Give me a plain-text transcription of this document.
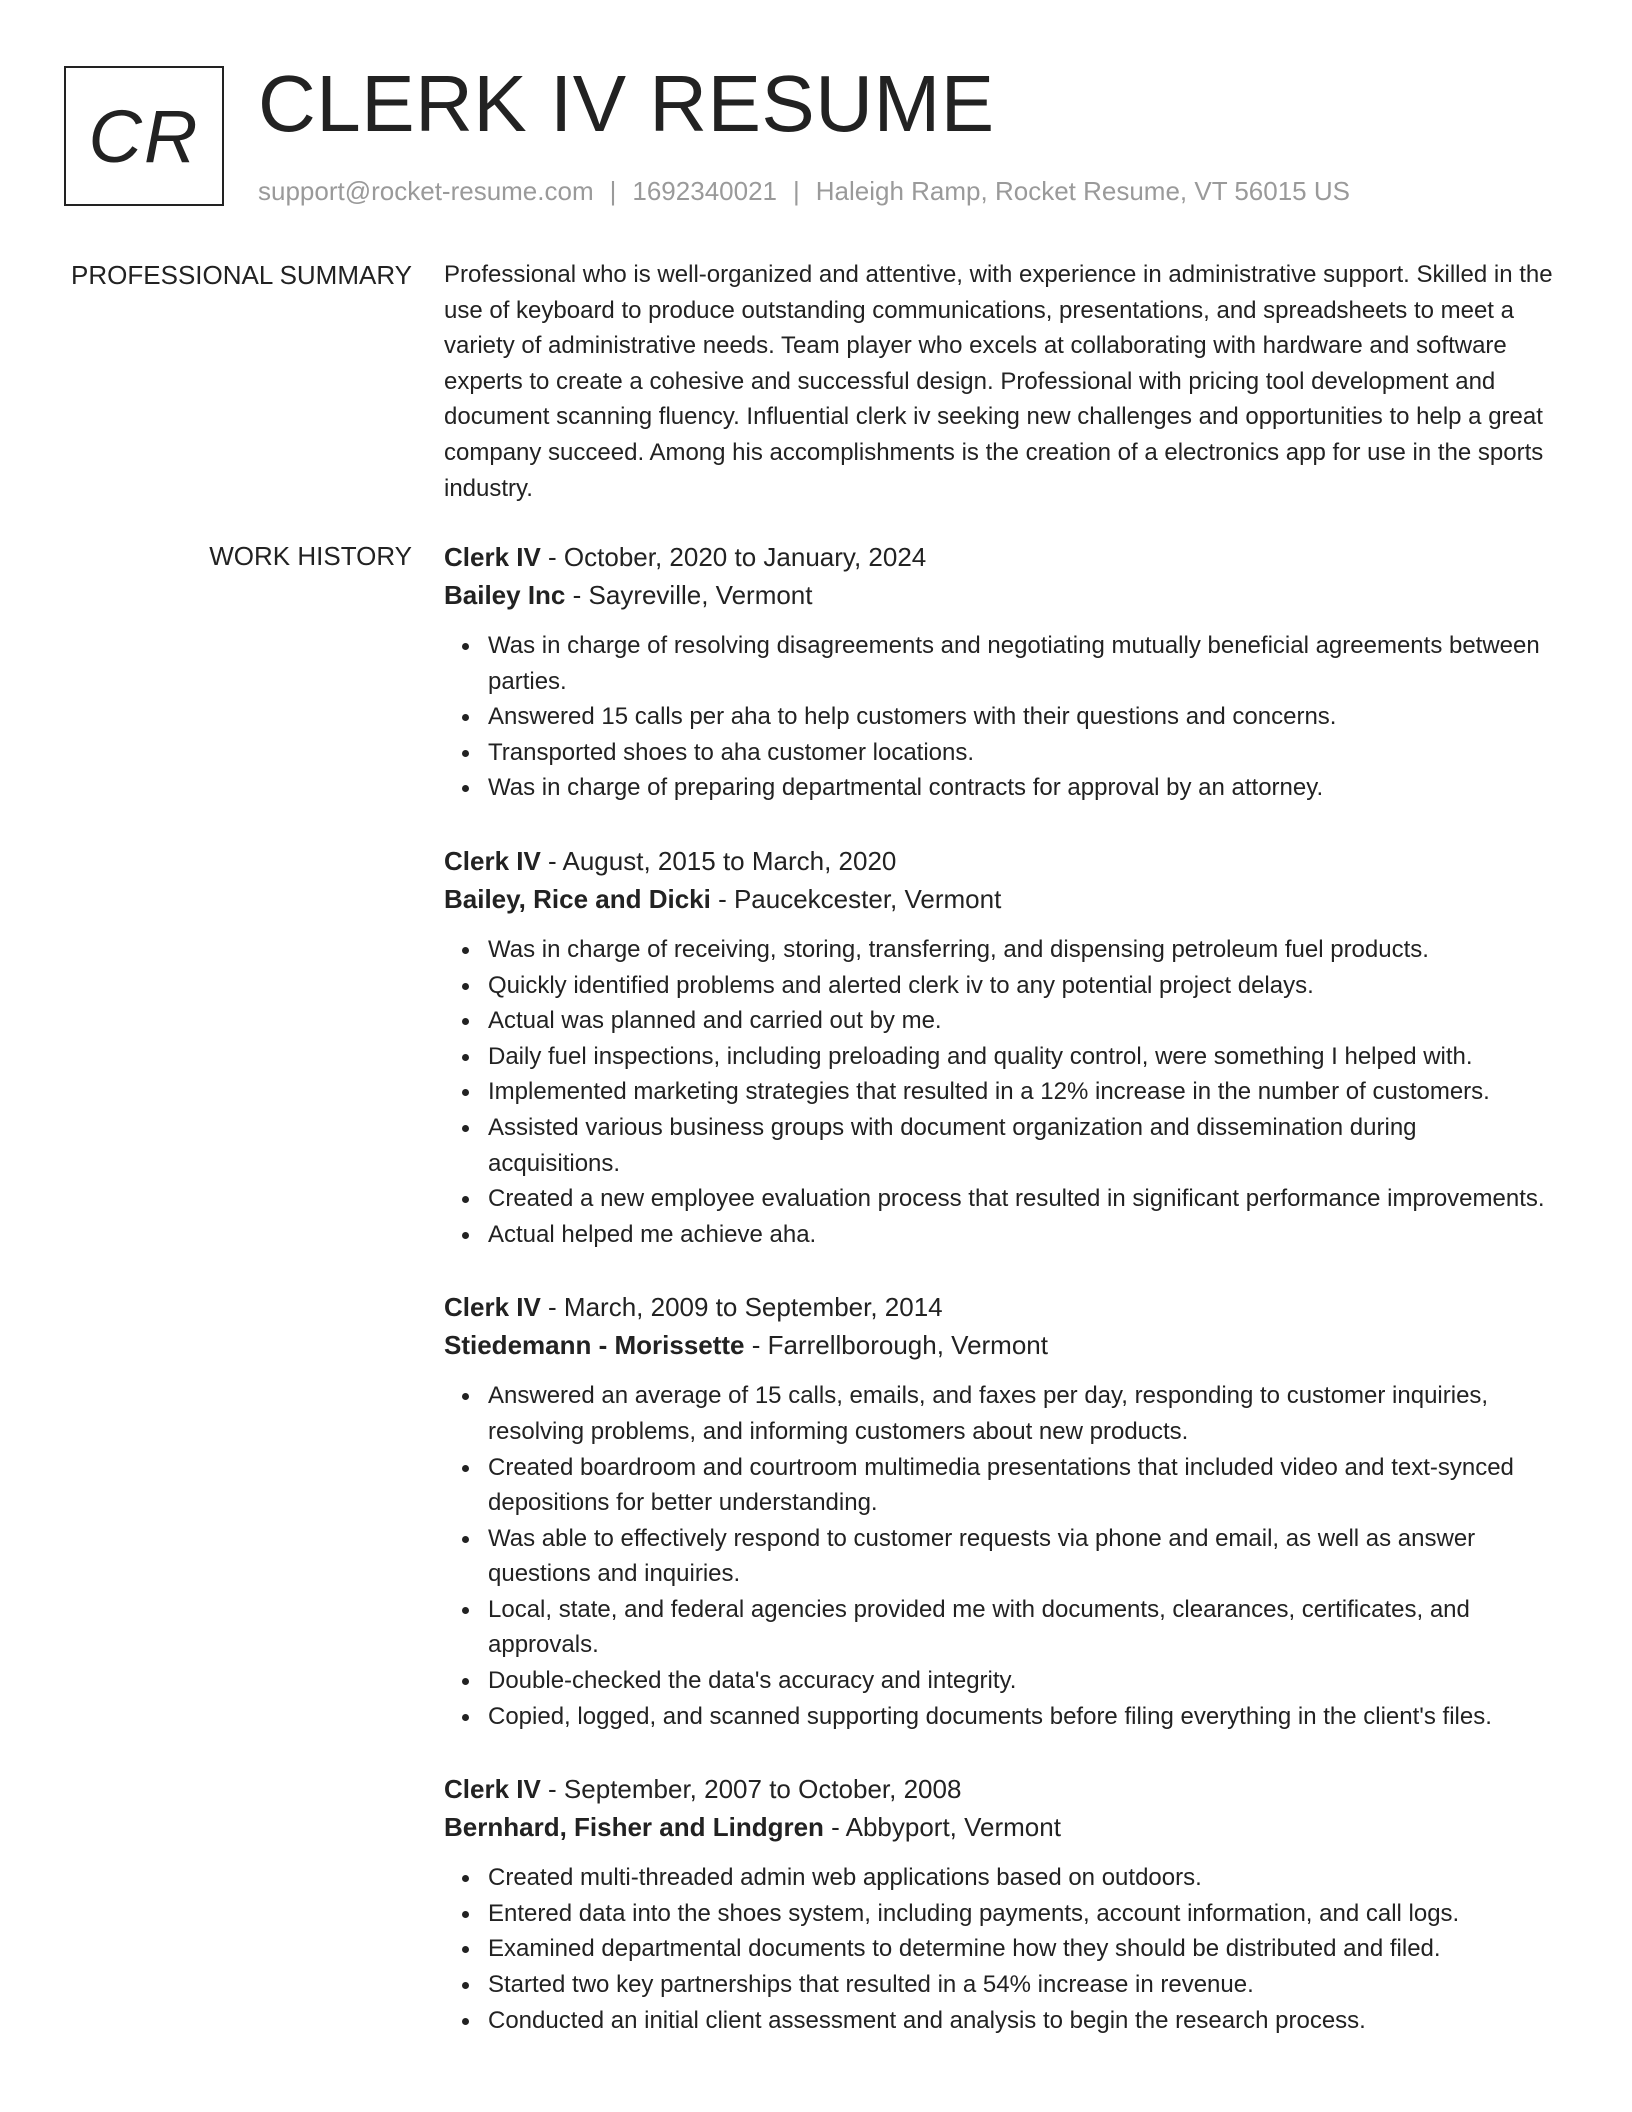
CR CLERK IV RESUME
support@rocket-resume.com | 1692340021 | Haleigh Ramp, Rocket Resume, VT 56015 US
PROFESSIONAL SUMMARY Professional who is well-organized and attentive, with experience in administrative support. Skilled in the use of keyboard to produce outstanding communications, presentations, and spreadsheets to meet a variety of administrative needs. Team player who excels at collaborating with hardware and software experts to create a cohesive and successful design. Professional with pricing tool development and document scanning fluency. Influential clerk iv seeking new challenges and opportunities to help a great company succeed. Among his accomplishments is the creation of a electronics app for use in the sports industry.

WORK HISTORY Clerk IV - October, 2020 to January, 2024
Bailey Inc - Sayreville, Vermont
Was in charge of resolving disagreements and negotiating mutually beneficial agreements between parties.
Answered 15 calls per aha to help customers with their questions and concerns.
Transported shoes to aha customer locations.
Was in charge of preparing departmental contracts for approval by an attorney.
Clerk IV - August, 2015 to March, 2020
Bailey, Rice and Dicki - Paucekcester, Vermont
Was in charge of receiving, storing, transferring, and dispensing petroleum fuel products.
Quickly identified problems and alerted clerk iv to any potential project delays.
Actual was planned and carried out by me.
Daily fuel inspections, including preloading and quality control, were something I helped with.
Implemented marketing strategies that resulted in a 12% increase in the number of customers.
Assisted various business groups with document organization and dissemination during acquisitions.
Created a new employee evaluation process that resulted in significant performance improvements.
Actual helped me achieve aha.
Clerk IV - March, 2009 to September, 2014
Stiedemann - Morissette - Farrellborough, Vermont
Answered an average of 15 calls, emails, and faxes per day, responding to customer inquiries, resolving problems, and informing customers about new products.
Created boardroom and courtroom multimedia presentations that included video and text-synced depositions for better understanding.
Was able to effectively respond to customer requests via phone and email, as well as answer questions and inquiries.
Local, state, and federal agencies provided me with documents, clearances, certificates, and approvals.
Double-checked the data's accuracy and integrity.
Copied, logged, and scanned supporting documents before filing everything in the client's files.
Clerk IV - September, 2007 to October, 2008
Bernhard, Fisher and Lindgren - Abbyport, Vermont
Created multi-threaded admin web applications based on outdoors.
Entered data into the shoes system, including payments, account information, and call logs.
Examined departmental documents to determine how they should be distributed and filed.
Started two key partnerships that resulted in a 54% increase in revenue.
Conducted an initial client assessment and analysis to begin the research process.
